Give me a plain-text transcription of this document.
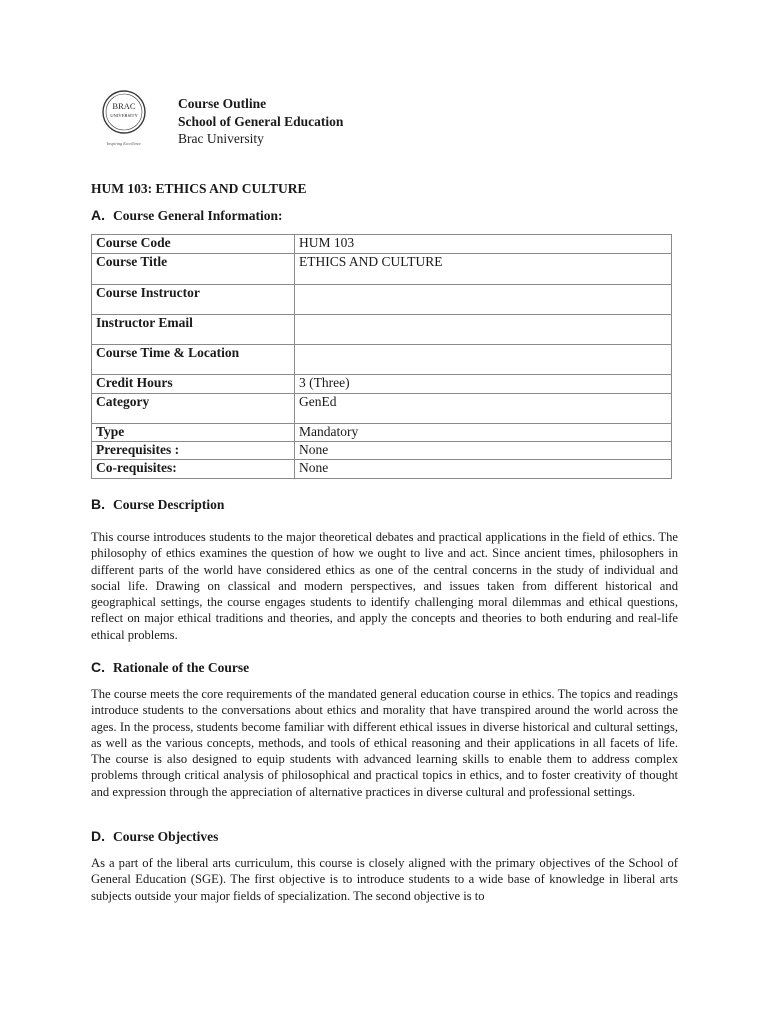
BRAC
UNIVERSITY
Inspiring Excellence
Course Outline
School of General Education
Brac University
HUM 103: ETHICS AND CULTURE
A. Course General Information:
Course Code	HUM 103
Course Title	ETHICS AND CULTURE
Course Instructor	
Instructor Email	
Course Time & Location	
Credit Hours	3 (Three)
Category	GenEd
Type	Mandatory
Prerequisites :	None
Co-requisites:	None
B. Course Description

This course introduces students to the major theoretical debates and practical applications in the field of ethics. The philosophy of ethics examines the question of how we ought to live and act. Since ancient times, philosophers in different parts of the world have considered ethics as one of the central concerns in the study of individual and social life. Drawing on classical and modern perspectives, and issues taken from different historical and geographical settings, the course engages students to identify challenging moral dilemmas and ethical questions, reflect on major ethical traditions and theories, and apply the concepts and theories to both enduring and real-life ethical problems.

C. Rationale of the Course

The course meets the core requirements of the mandated general education course in ethics. The topics and readings introduce students to the conversations about ethics and morality that have transpired around the world across the ages. In the process, students become familiar with different ethical issues in diverse historical and cultural settings, as well as the various concepts, methods, and tools of ethical reasoning and their applications in all facets of life. The course is also designed to equip students with advanced learning skills to enable them to address complex problems through critical analysis of philosophical and practical topics in ethics, and to foster creativity of thought and expression through the appreciation of alternative practices in diverse cultural and professional settings.

D. Course Objectives

As a part of the liberal arts curriculum, this course is closely aligned with the primary objectives of the School of General Education (SGE). The first objective is to introduce students to a wide base of knowledge in liberal arts subjects outside your major fields of specialization. The second objective is to
